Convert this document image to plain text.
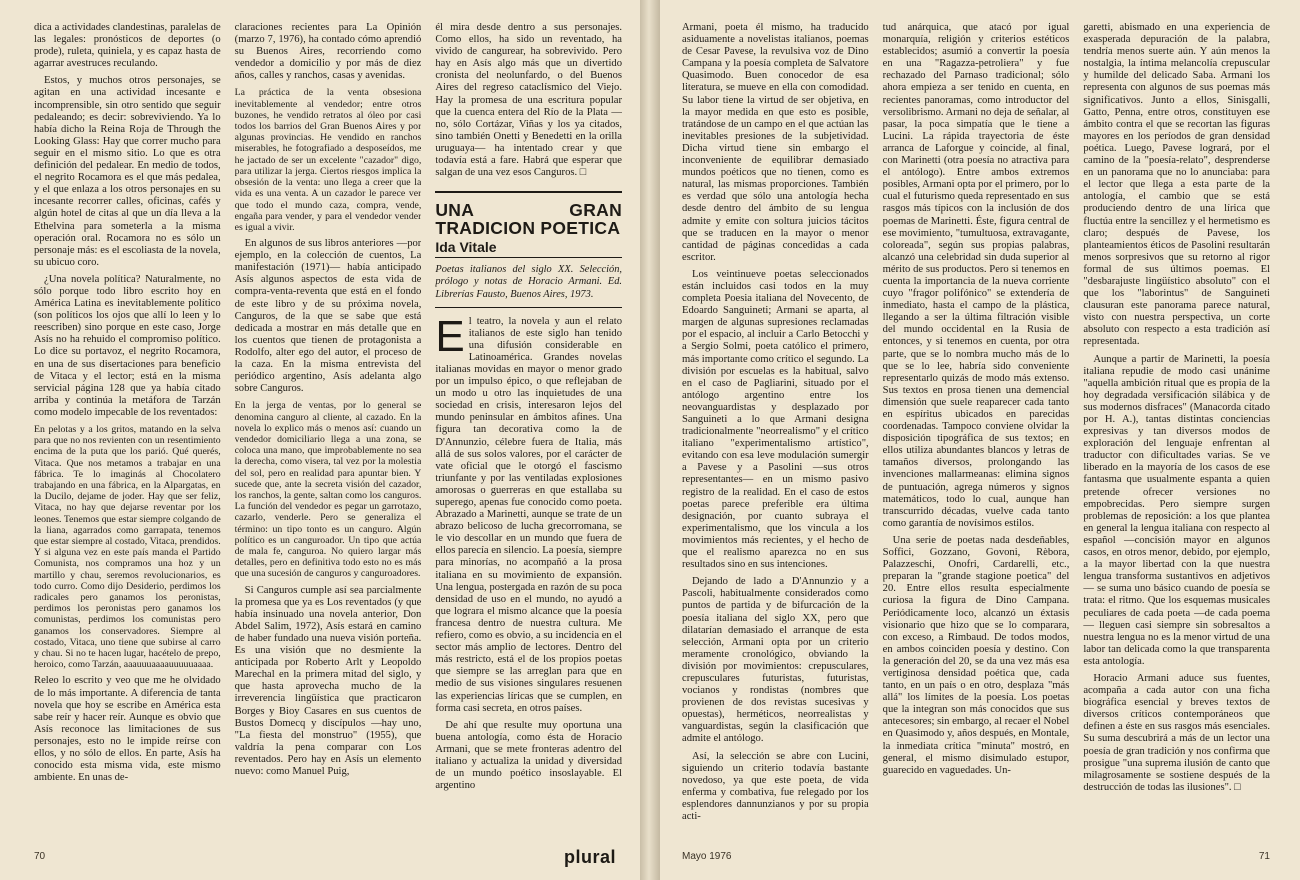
dica a actividades clandestinas, paralelas de las legales: pronósticos de deportes (o prode), ruleta, quiniela, y es capaz hasta de agarrar avestruces reculando.

Estos, y muchos otros personajes, se agitan en una actividad incesante e incomprensible, sin otro sentido que seguir pedaleando; es decir: sobreviviendo. Ya lo había dicho la Reina Roja de Through the Looking Glass: Hay que correr mucho para seguir en el mismo sitio. Lo que es otra definición del pedalear. En medio de todos, el negrito Rocamora es el que más pedalea, y el que enlaza a los otros personajes en su incesante recorrer calles, oficinas, cafés y algún hotel de citas al que un día lleva a la Ethelvina para someterla a la misma operación oral. Rocamora no es sólo un personaje más: es el escoliasta de la novela, su ubicuo coro.

¿Una novela política? Naturalmente, no sólo porque todo libro escrito hoy en América Latina es inevitablemente político (son políticos los ojos que allí lo leen y lo reescriben) sino porque en este caso, Jorge Asís no ha rehuido el compromiso político. Lo dice su portavoz, el negrito Rocamora, en una de sus disertaciones para beneficio de Vitaca y el lector; está en la misma servicial página 128 que ya había citado arriba y continúa la metáfora de Tarzán como modelo impecable de los reventados:

En pelotas y a los gritos, matando en la selva para que no nos revienten con un resentimiento encima de la puta que los parió. Qué querés, Vitaca. Que nos metamos a trabajar en una fábrica. Te lo imaginás al Chocolatero trabajando en una fábrica, en la Alpargatas, en la Ducilo, dejame de joder. Hay que ser feliz, Vitaca, no hay que dejarse reventar por los leones. Tenemos que estar siempre colgando de la liana, agarrados como garrapata, tenemos que estar siempre al costado, Vitaca, prendidos. Y si alguna vez en este país manda el Partido Comunista, nos compramos una hoz y un martillo y chau, seremos revolucionarios, es todo curro. Como dijo Desiderio, perdimos los radicales pero ganamos los peronistas, perdimos los peronistas pero ganamos los comunistas, perdimos los comunistas pero ganamos los conservadores. Siempre al costado, Vitaca, uno tiene que subirse al carro y chau. Si no te hacen lugar, hacételo de prepo, heroico, como Tarzán, aaauuuaaaauuuuuaaaa.

Releo lo escrito y veo que me he olvidado de lo más importante. A diferencia de tanta novela que hoy se escribe en América esta sabe reír y hacer reír. Aunque es obvio que Asís reconoce las limitaciones de sus personajes, esto no le impide reírse con ellos, y no sólo de ellos. En parte, Asís ha conocido esta misma vida, este mismo ambiente. En unas de-

claraciones recientes para La Opinión (marzo 7, 1976), ha contado cómo aprendió su Buenos Aires, recorriendo como vendedor a domicilio y por más de diez años, calles y ranchos, casas y avenidas.

La práctica de la venta obsesiona inevitablemente al vendedor; entre otros buzones, he vendido retratos al óleo por casi todos los barrios del Gran Buenos Aires y por algunas provincias. He vendido en ranchos miserables, he fotografiado a desposeídos, me he jactado de ser un excelente "cazador" digo, para utilizar la jerga. Ciertos riesgos implica la obsesión de la venta: uno llega a creer que la vida es una venta. A un cazador le parece ver que todo el mundo caza, compra, vende, engaña para vender, y para el vendedor vender es igual a vivir.

En algunos de sus libros anteriores —por ejemplo, en la colección de cuentos, La manifestación (1971)— había anticipado Asís algunos aspectos de esta vida de compra-venta-reventa que está en el fondo de este libro y de su próxima novela, Canguros, de la que se sabe que está dedicada a mostrar en más detalle que en los cuentos que tienen de protagonista a Rodolfo, alter ego del autor, el proceso de la caza. En la misma entrevista del periódico argentino, Asís adelanta algo sobre Canguros.

En la jerga de ventas, por lo general se denomina canguro al cliente, al cazado. En la novela lo explico más o menos así: cuando un vendedor domiciliario llega a una zona, se coloca una mano, que improbablemente no sea la derecha, como visera, tal vez por la molestia del sol, pero en realidad para apuntar bien. Y sucede que, ante la secreta visión del cazador, los ranchos, la gente, saltan como los canguros. La función del vendedor es pegar un garrotazo, cazarlo, venderle. Pero se generaliza el término: un tipo tonto es un canguro. Algún político es un canguroador. Un tipo que actúa de mala fe, canguroa. No quiero largar más detalles, pero en definitiva todo esto no es más que una sucesión de canguros y canguroadores.

Si Canguros cumple así sea parcialmente la promesa que ya es Los reventados (y que había insinuado una novela anterior, Don Abdel Salim, 1972), Asís estará en camino de haber fundado una nueva visión porteña. Es una visión que no desmiente la anticipada por Roberto Arlt y Leopoldo Marechal en la primera mitad del siglo, y que hasta aprovecha mucho de la irreverencia lingüística que practicaron Borges y Bioy Casares en sus cuentos de Bustos Domecq y discípulos —hay uno, "La fiesta del monstruo" (1955), que valdría la pena comparar con Los reventados. Pero hay en Asís un elemento nuevo: como Manuel Puig,

él mira desde dentro a sus personajes. Como ellos, ha sido un reventado, ha vivido de cangurear, ha sobrevivido. Pero hay en Asís algo más que un divertido cronista del neolunfardo, o del Buenos Aires del regreso cataclísmico del Viejo. Hay la promesa de una escritura popular que la cuenca entera del Río de la Plata —no, sólo Cortázar, Viñas y los ya citados, sino también Onetti y Benedetti en la orilla uruguaya— ha intentado crear y que todavía está a fare. Habrá que esperar que salgan de una vez esos Canguros. □

UNA GRAN TRADICION POETICA
Ida Vitale

Poetas italianos del siglo XX. Selección, prólogo y notas de Horacio Armani. Ed. Librerías Fausto, Buenos Aires, 1973.

El teatro, la novela y aun el relato italianos de este siglo han tenido una difusión considerable en Latinoamérica. Grandes novelas italianas movidas en mayor o menor grado por un impulso épico, o que reflejaban de un modo u otro las inquietudes de una sociedad en crisis, interesaron lejos del mundo peninsular en ámbitos afines. Una figura tan decorativa como la de D'Annunzio, célebre fuera de Italia, más allá de sus solos valores, por el carácter de vate oficial que le otorgó el fascismo triunfante y por las ventiladas explosiones amorosas o guerreras en que estallaba su superego, apenas fue conocido como poeta. Abrazado a Marinetti, aunque se trate de un abrazo belicoso de lucha grecorromana, se le vio descollar en un mundo que fuera de ellos parecía en silencio. La poesía, siempre para minorías, no acompañó a la prosa italiana en su movimiento de expansión. Una lengua, postergada en razón de su poca densidad de uso en el mundo, no ayudó a que lograra el mismo alcance que la poesía francesa dentro de nuestra cultura. Me refiero, como es obvio, a su incidencia en el sector más amplio de lectores. Dentro del más restricto, está el de los propios poetas que siempre se las arreglan para que en medio de sus visiones singulares resuenen las experiencias líricas que se cumplen, en forma casi secreta, en otros países.

De ahí que resulte muy oportuna una buena antología, como ésta de Horacio Armani, que se mete fronteras adentro del italiano y actualiza la unidad y diversidad de un mundo poético insoslayable. El argentino

70	plural

Armani, poeta él mismo, ha traducido asiduamente a novelistas italianos, poemas de Cesar Pavese, la revulsiva voz de Dino Campana y la poesía completa de Salvatore Quasimodo. Buen conocedor de esa literatura, se mueve en ella con comodidad. Su labor tiene la virtud de ser objetiva, en la mayor medida en que esto es posible, tratándose de un campo en el que actúan las inevitables presiones de la subjetividad. Dicha virtud tiene sin embargo el inconveniente de equilibrar demasiado mundos poéticos que no tienen, como es natural, las mismas proporciones. También es verdad que sólo una antología hecha desde dentro del ámbito de su lengua admite y emite con soltura juicios tácitos que se traducen en la mayor o menor cantidad de páginas concedidas a cada escritor.

Los veintinueve poetas seleccionados están incluidos casi todos en la muy completa Poesia italiana del Novecento, de Edoardo Sanguineti; Armani se aparta, al margen de algunas supresiones reclamadas por el espacio, al incluir a Carlo Betocchi y a Sergio Solmi, poeta católico el primero, más importante como crítico el segundo. La división por escuelas es la habitual, salvo en el caso de Pagliarini, situado por el antólogo argentino entre los neovanguardistas y desplazado por Sanguineti a lo que Armani designa tradicionalmente "neorrealismo" y el crítico italiano "experimentalismo artístico", evitando con esa leve modulación sumergir a Pavese y a Pasolini —sus otros representantes— en un mismo pasivo registro de la realidad. En el caso de estos poetas parece preferible era última designación, por cuanto subraya el experimentalismo, que los vincula a los movimientos más recientes, y el hecho de que el realismo aparezca no en sus resultados sino en sus intenciones.

Dejando de lado a D'Annunzio y a Pascoli, habitualmente considerados como puntos de partida y de bifurcación de la poesía italiana del siglo XX, pero que dilatarían demasiado el arranque de esta selección, Armani opta por un criterio meramente cronológico, obviando la división por movimientos: crepusculares, crepusculares futuristas, futuristas, vocianos y rondistas (nombres que provienen de dos revistas sucesivas y opuestas), herméticos, neorrealistas y vanguardistas, según la clasificación que admite el antólogo.

Así, la selección se abre con Lucini, siguiendo un criterio todavía bastante novedoso, ya que este poeta, de vida enferma y combativa, fue relegado por los esplendores dannunzianos y por su propia acti-

tud anárquica, que atacó por igual monarquía, religión y criterios estéticos establecidos; asumió a convertir la poesía en una "Ragazza-petroliera" y fue rechazado del Parnaso tradicional; sólo ahora empieza a ser tenido en cuenta, en recientes panoramas, como introductor del versolibrismo. Armani no deja de señalar, al pasar, la poca simpatía que le tiene a Lucini. La rápida trayectoria de éste arranca de Laforgue y coincide, al final, con Marinetti (otra poesía no atractiva para el antólogo). Entre ambos extremos posibles, Armani opta por el primero, por lo cual el futurismo queda representado en sus rasgos más típicos con la inclusión de dos poemas de Marinetti. Éste, figura central de ese movimiento, "tumultuosa, extravagante, coloreada", según sus propias palabras, alcanzó una celebridad sin duda superior al mérito de sus productos. Pero si tenemos en cuenta la importancia de la nueva corriente cuyo "fragor polifónico" se extendería de inmediato, hasta el campo de la plástica, llegando a ser la última filtración visible del mundo occidental en la Rusia de entonces, y si tenemos en cuenta, por otra parte, que se lo nombra mucho más de lo que se lo lee, habría sido conveniente representarlo quizás de modo más extenso. Sus textos en prosa tienen una demencial dimensión que suele reaparecer cada tanto en espíritus ubicados en parecidas coordenadas. Tampoco conviene olvidar la disposición tipográfica de sus textos; en ellos utiliza abundantes blancos y letras de tamaños diversos, prolongando las invenciones mallarmeanas: elimina signos de puntuación, agrega números y signos matemáticos, todo lo cual, aunque han transcurrido décadas, vuelve cada tanto como garantía de novísimos estilos.

Una serie de poetas nada desdeñables, Soffici, Gozzano, Govoni, Rèbora, Palazzeschi, Onofri, Cardarelli, etc., preparan la "grande stagione poetica" del 20. Entre ellos resulta especialmente curiosa la figura de Dino Campana. Periódicamente loco, alcanzó un éxtasis visionario que hizo que se lo comparara, con exceso, a Rimbaud. De todos modos, en ambos coinciden poesía y destino. Con la generación del 20, se da una vez más esa vertiginosa densidad poética que, cada tanto, en un país o en otro, desplaza "más allá" los límites de la poesía. Los poetas que la integran son más conocidos que sus antecesores; sin embargo, al recaer el Nobel en Quasimodo y, años después, en Montale, la inmediata crítica "minuta" mostró, en general, el mismo disimulado estupor, guarecido en vaguedades. Un-

garetti, abismado en una experiencia de exasperada depuración de la palabra, tendría menos suerte aún. Y aún menos la nostalgia, la íntima melancolía crepuscular y humilde del delicado Saba. Armani los representa con algunos de sus poemas más significativos. Junto a ellos, Sinisgalli, Gatto, Penna, entre otros, constituyen ese ámbito contra el que se recortan las figuras mayores en los períodos de gran densidad poética. Luego, Pavese logrará, por el camino de la "poesía-relato", desprenderse en un panorama que no lo anunciaba: para el lector que llega a esta parte de la antología, el cambio que se está produciendo dentro de una lírica que fluctúa entre la sencillez y el hermetismo es claro; después de Pavese, los planteamientos éticos de Pasolini resultarán menos sorpresivos que su retorno al rigor formal de sus últimos poemas. El "desbarajuste lingüístico absoluto" con el que los "laborintus" de Sanguineti clausuran este panorama parece natural, visto con nuestra perspectiva, un corte absoluto con respecto a esta tradición así representada.

Aunque a partir de Marinetti, la poesía italiana repudie de modo casi unánime "aquella ambición ritual que es propia de la hoy degradada versificación silábica y de sus modernos disfraces" (Manacorda citado por H. A.), tantas distintas conciencias expresivas y tan diversos modos de exploración del lenguaje enfrentan al traductor con dificultades varias. Se ve liberado en la mayoría de los casos de ese fantasma que usualmente espanta a quien pretende ofrecer versiones no empobrecidas. Pero siempre surgen problemas de reposición: a los que plantea en general la lengua italiana con respecto al español —concisión mayor en algunos casos, en otros menor, debido, por ejemplo, a la mayor libertad con la que nuestra lengua transforma sustantivos en adjetivos— se suma uno básico cuando de poesía se trata: el ritmo. Que los esquemas musicales peculiares de cada poeta —de cada poema— lleguen casi siempre sin sobresaltos a nuestra lengua no es la menor virtud de una labor tan delicada como la que transparenta esta antología.

Horacio Armani aduce sus fuentes, acompaña a cada autor con una ficha biográfica esencial y breves textos de diversos críticos contemporáneos que definen a éste en sus rasgos más esenciales. Su suma descubrirá a más de un lector una poesía de gran tradición y nos confirma que prosigue "una suprema ilusión de canto que milagrosamente se sostiene después de la destrucción de todas las ilusiones". □

Mayo 1976	71
